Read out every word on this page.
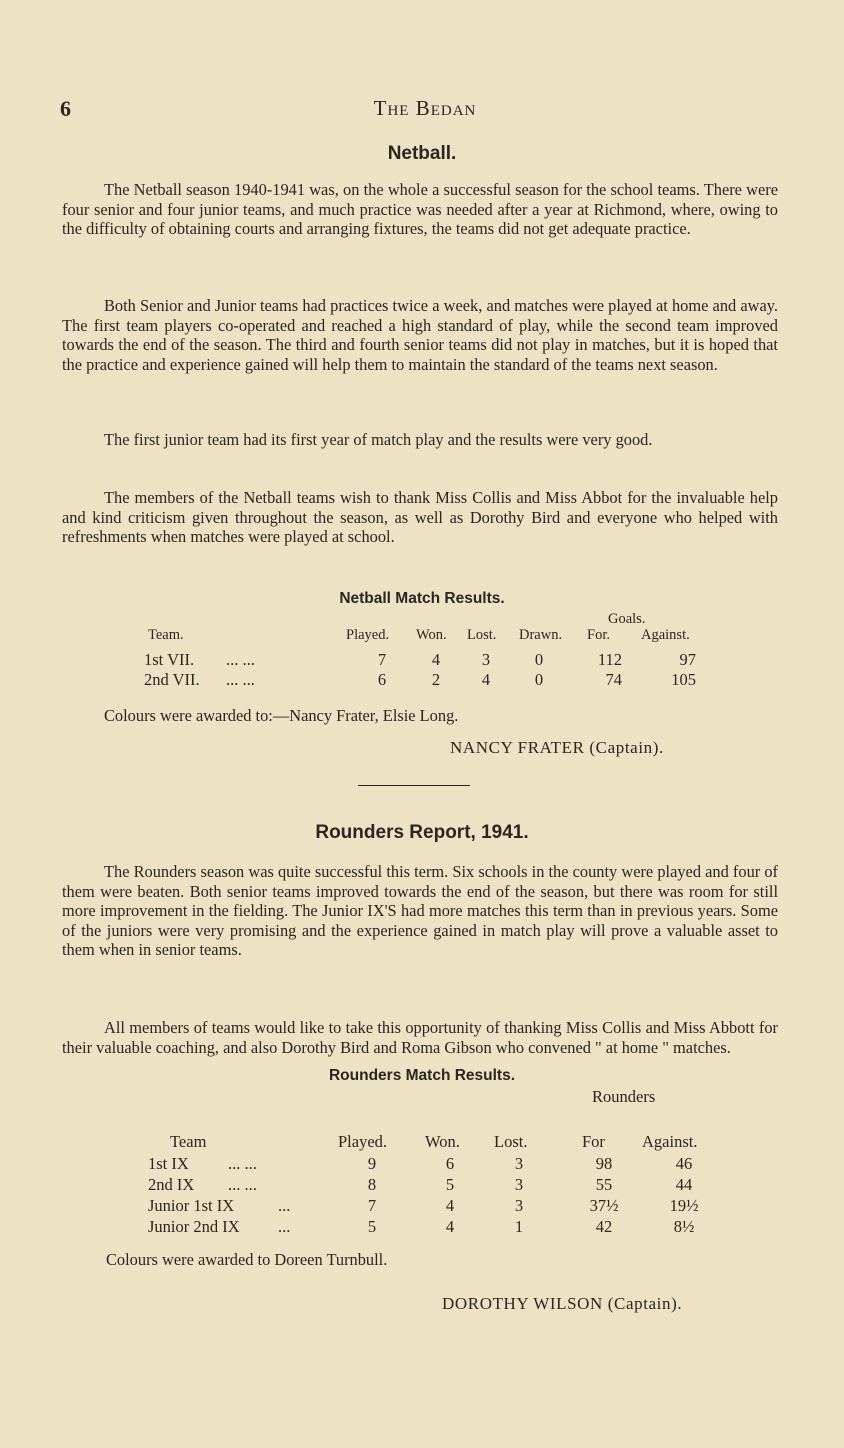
6	The Bedan
Netball.

The Netball season 1940-1941 was, on the whole a successful season for the school teams. There were four senior and four junior teams, and much practice was needed after a year at Richmond, where, owing to the difficulty of obtaining courts and arranging fixtures, the teams did not get adequate practice.

Both Senior and Junior teams had practices twice a week, and matches were played at home and away. The first team players co-operated and reached a high standard of play, while the second team improved towards the end of the season. The third and fourth senior teams did not play in matches, but it is hoped that the practice and experience gained will help them to maintain the standard of the teams next season.

The first junior team had its first year of match play and the results were very good.

The members of the Netball teams wish to thank Miss Collis and Miss Abbot for the invaluable help and kind criticism given throughout the season, as well as Dorothy Bird and everyone who helped with refreshments when matches were played at school.

Netball Match Results.
Goals.
Team.	Played. Won. Lost. Drawn. For. Against.
1st VII. ... ...	7	4	3	0	112	97
2nd VII. ... ...	6	2	4	0	74	105
Colours were awarded to:—Nancy Frater, Elsie Long.
NANCY FRATER (Captain).
Rounders Report, 1941.

The Rounders season was quite successful this term. Six schools in the county were played and four of them were beaten. Both senior teams improved towards the end of the season, but there was room for still more improvement in the fielding. The Junior IX'S had more matches this term than in previous years. Some of the juniors were very promising and the experience gained in match play will prove a valuable asset to them when in senior teams.

All members of teams would like to take this opportunity of thanking Miss Collis and Miss Abbott for their valuable coaching, and also Dorothy Bird and Roma Gibson who convened " at home " matches.

Rounders Match Results.
Rounders
Team	Played. Won. Lost.	For Against.
1st IX ... ...	9	6	3	98	46
2nd IX ... ...	8	5	3	55	44
Junior 1st IX	...	7	4	3	37½	19½
Junior 2nd IX ...	5	4	1	42	8½
Colours were awarded to Doreen Turnbull.
DOROTHY WILSON (Captain).
